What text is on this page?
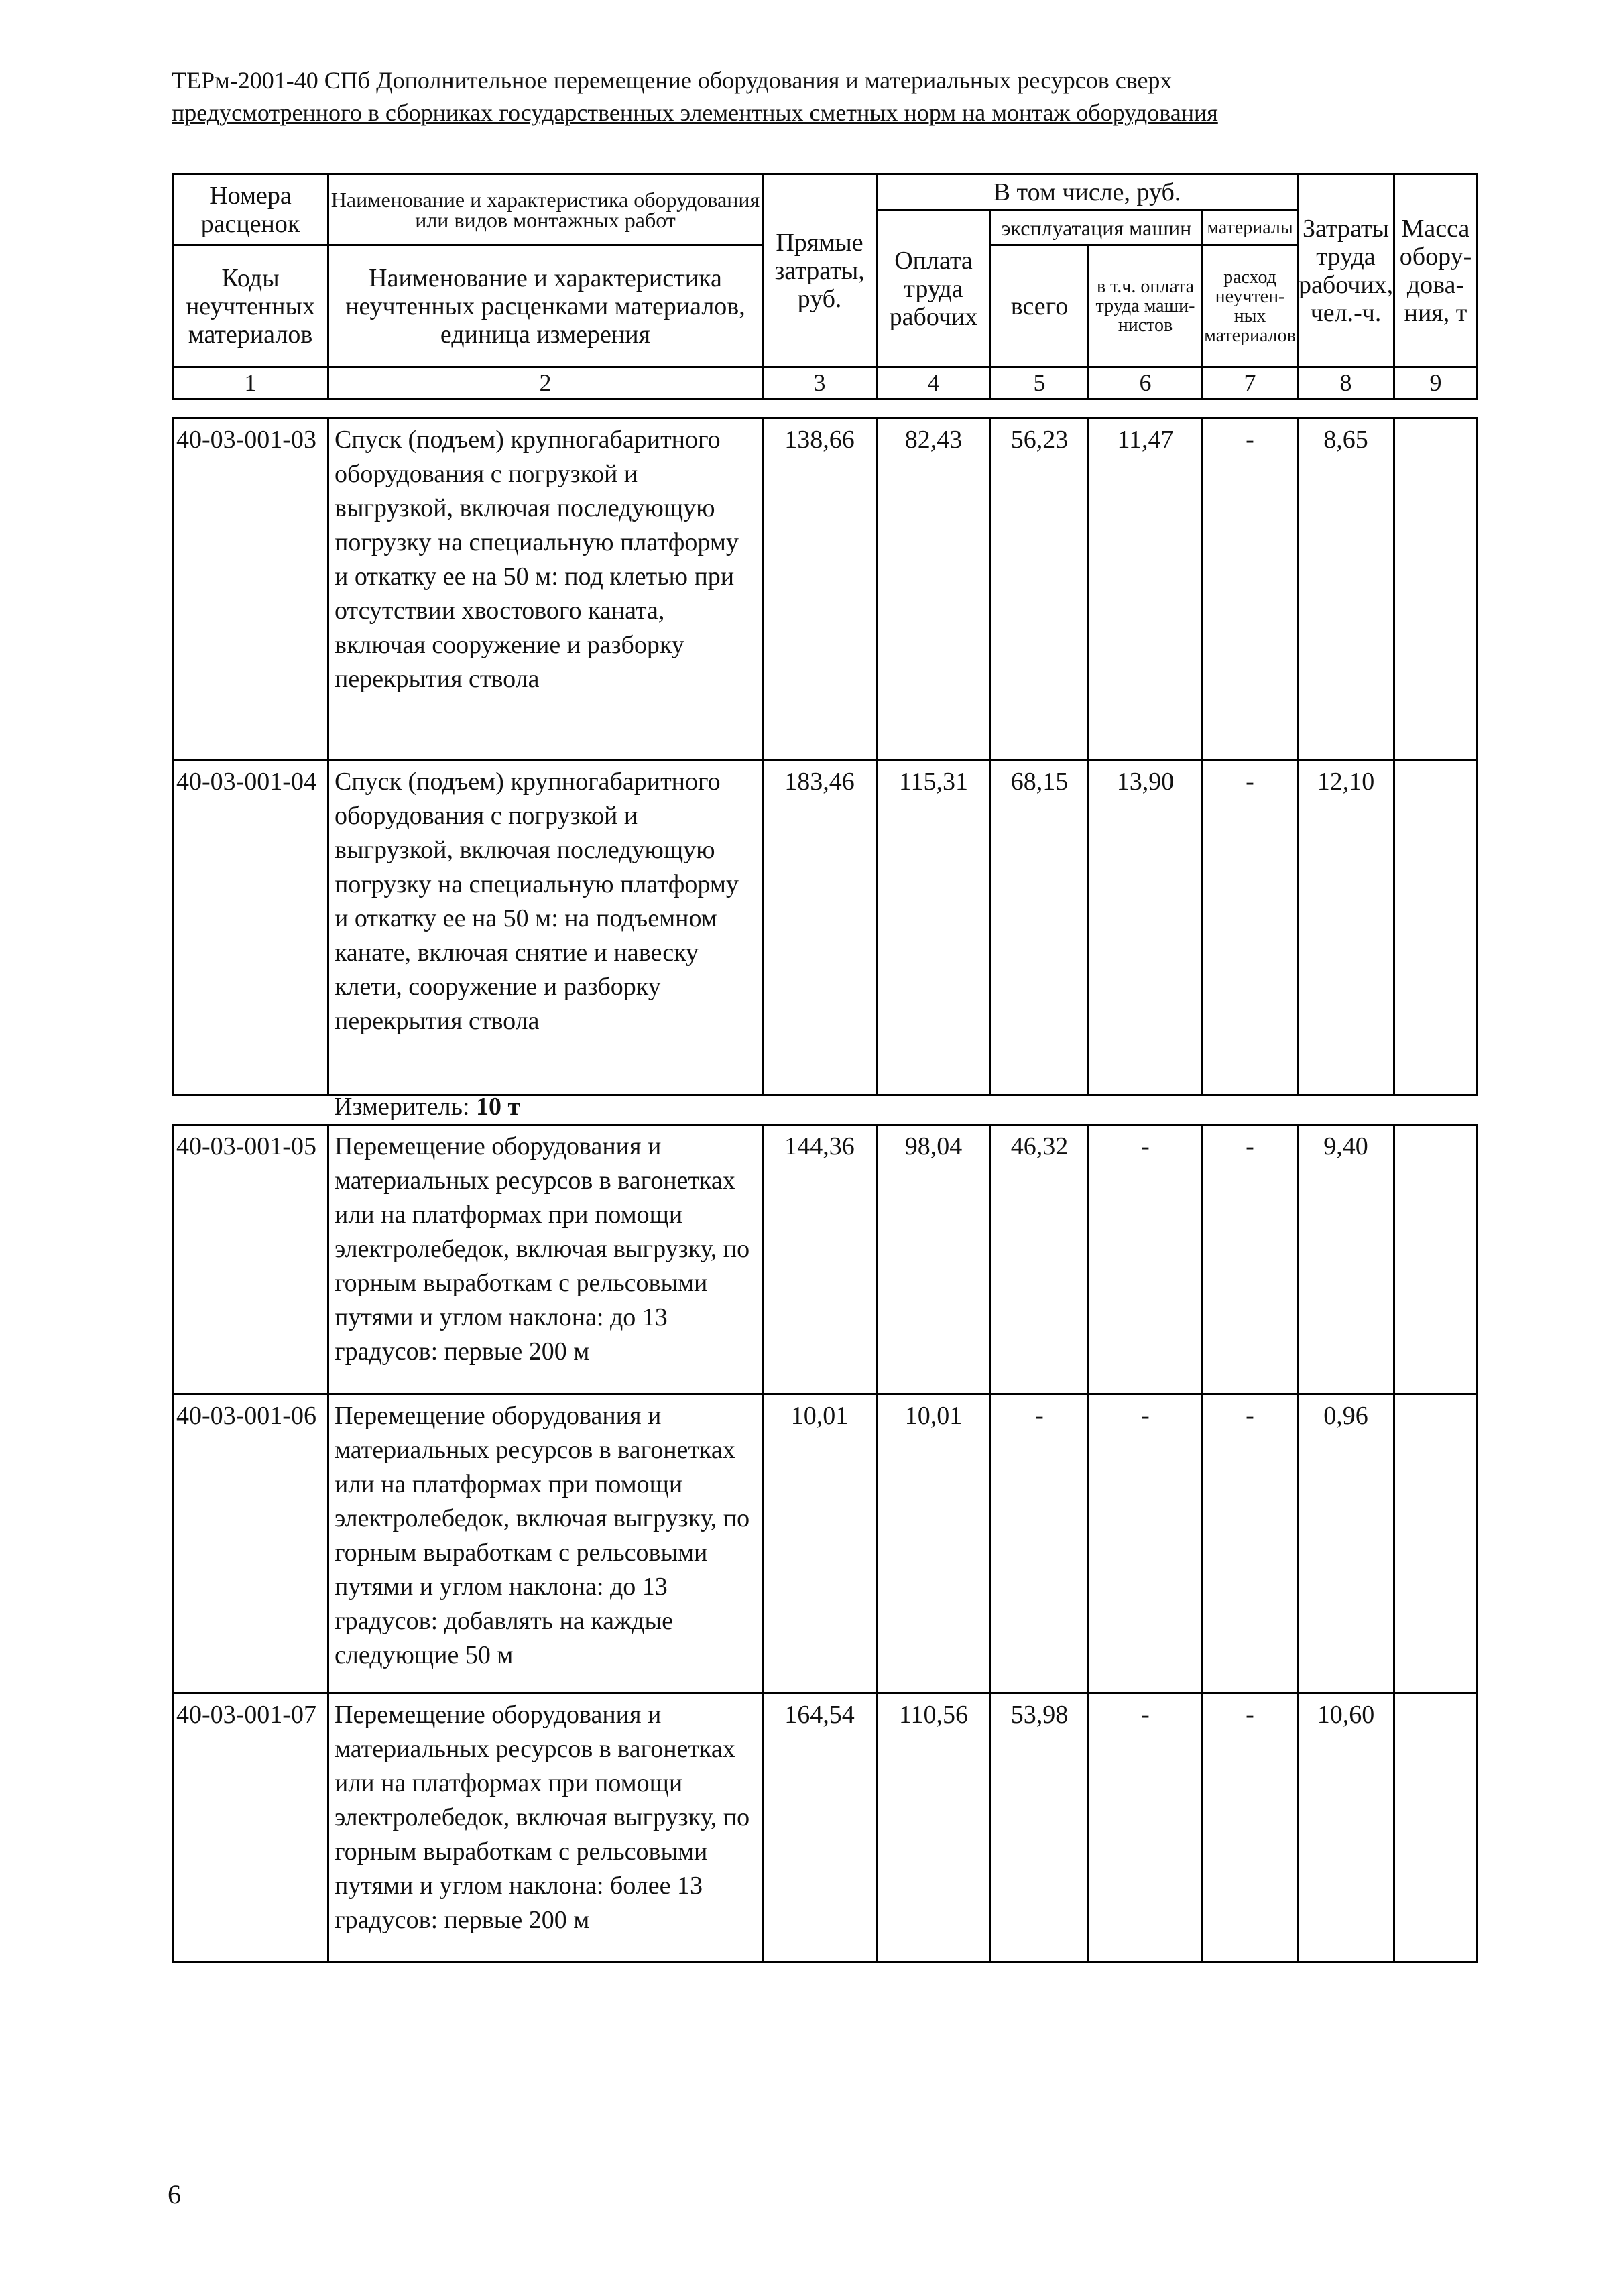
ТЕРм-2001-40 СПб Дополнительное перемещение оборудования и материальных ресурсов сверх
предусмотренного в сборниках государственных элементных сметных норм на монтаж оборудования
Номера расценок	Наименование и характеристика оборудования или видов монтажных работ	Прямые затраты, руб.	В том числе, руб.				Затраты труда рабочих, чел.-ч.	Масса обору-дова-ния, т
			Оплата труда рабочих	эксплуатация машин		материалы		
Коды неучтенных материалов	Наименование и характеристика неучтенных расценками материалов, единица измерения			всего	в т.ч. оплата труда маши-нистов	расход неучтен-ных материалов		

1	2	3	4	5	6	7	8	9
40-03-001-03	Спуск (подъем) крупногабаритного оборудования с погрузкой и выгрузкой, включая последующую погрузку на специальную платформу и откатку ее на 50 м: под клетью при отсутствии хвостового каната, включая сооружение и разборку перекрытия ствола	138,66	82,43	56,23	11,47	-	8,65	
40-03-001-04	Спуск (подъем) крупногабаритного оборудования с погрузкой и выгрузкой, включая последующую погрузку на специальную платформу и откатку ее на 50 м: на подъемном канате, включая снятие и навеску клети, сооружение и разборку перекрытия ствола	183,46	115,31	68,15	13,90	-	12,10	
Измеритель: 10 т
40-03-001-05	Перемещение оборудования и материальных ресурсов в вагонетках или на платформах при помощи электролебедок, включая выгрузку, по горным выработкам с рельсовыми путями и углом наклона: до 13 градусов: первые 200 м	144,36	98,04	46,32	-	-	9,40	
40-03-001-06	Перемещение оборудования и материальных ресурсов в вагонетках или на платформах при помощи электролебедок, включая выгрузку, по горным выработкам с рельсовыми путями и углом наклона: до 13 градусов: добавлять на каждые следующие 50 м	10,01	10,01	-	-	-	0,96	
40-03-001-07	Перемещение оборудования и материальных ресурсов в вагонетках или на платформах при помощи электролебедок, включая выгрузку, по горным выработкам с рельсовыми путями и углом наклона: более 13 градусов: первые 200 м	164,54	110,56	53,98	-	-	10,60	
6
